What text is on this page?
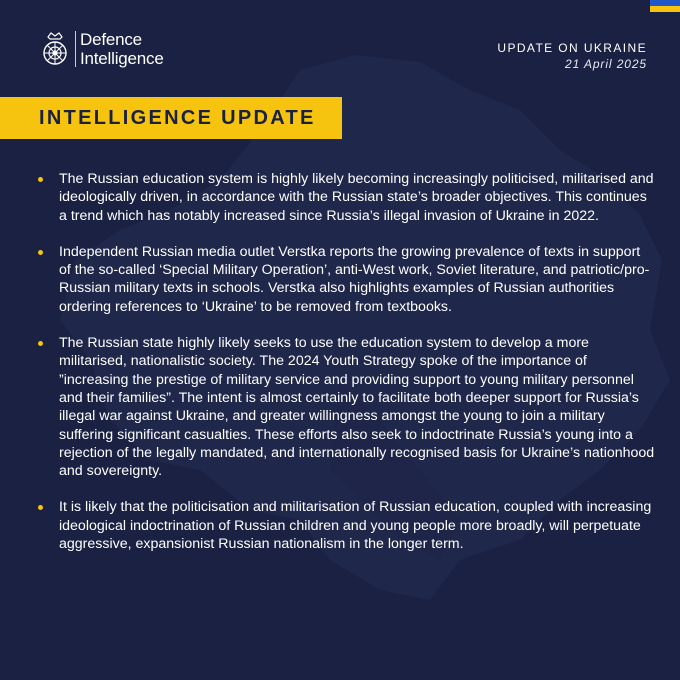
Defence
Intelligence
UPDATE ON UKRAINE
21 April 2025
INTELLIGENCE UPDATE
The Russian education system is highly likely becoming increasingly politicised, militarised and ideologically driven, in accordance with the Russian state’s broader objectives. This continues a trend which has notably increased since Russia’s illegal invasion of Ukraine in 2022.
Independent Russian media outlet Verstka reports the growing prevalence of texts in support of the so-called ‘Special Military Operation’, anti-West work, Soviet literature, and patriotic/pro-Russian military texts in schools. Verstka also highlights examples of Russian authorities ordering references to ‘Ukraine’ to be removed from textbooks.
The Russian state highly likely seeks to use the education system to develop a more militarised, nationalistic society. The 2024 Youth Strategy spoke of the importance of ”increasing the prestige of military service and providing support to young military personnel and their families”. The intent is almost certainly to facilitate both deeper support for Russia’s illegal war against Ukraine, and greater willingness amongst the young to join a military suffering significant casualties. These efforts also seek to indoctrinate Russia’s young into a rejection of the legally mandated, and internationally recognised basis for Ukraine’s nationhood and sovereignty.
It is likely that the politicisation and militarisation of Russian education, coupled with increasing ideological indoctrination of Russian children and young people more broadly, will perpetuate aggressive, expansionist Russian nationalism in the longer term.
